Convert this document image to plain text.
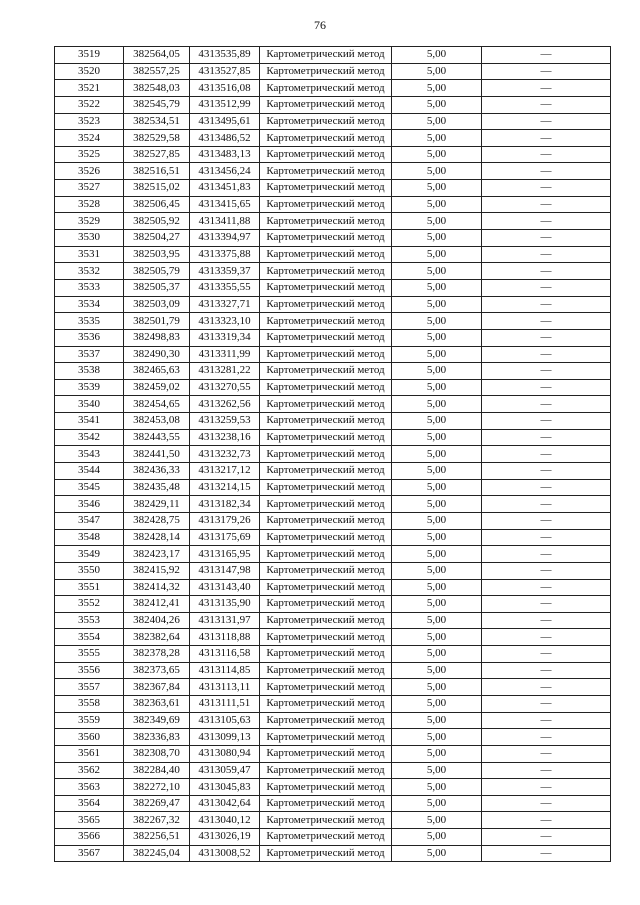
76
3519	382564,05	4313535,89	Картометрический метод	5,00	—
3520	382557,25	4313527,85	Картометрический метод	5,00	—
3521	382548,03	4313516,08	Картометрический метод	5,00	—
3522	382545,79	4313512,99	Картометрический метод	5,00	—
3523	382534,51	4313495,61	Картометрический метод	5,00	—
3524	382529,58	4313486,52	Картометрический метод	5,00	—
3525	382527,85	4313483,13	Картометрический метод	5,00	—
3526	382516,51	4313456,24	Картометрический метод	5,00	—
3527	382515,02	4313451,83	Картометрический метод	5,00	—
3528	382506,45	4313415,65	Картометрический метод	5,00	—
3529	382505,92	4313411,88	Картометрический метод	5,00	—
3530	382504,27	4313394,97	Картометрический метод	5,00	—
3531	382503,95	4313375,88	Картометрический метод	5,00	—
3532	382505,79	4313359,37	Картометрический метод	5,00	—
3533	382505,37	4313355,55	Картометрический метод	5,00	—
3534	382503,09	4313327,71	Картометрический метод	5,00	—
3535	382501,79	4313323,10	Картометрический метод	5,00	—
3536	382498,83	4313319,34	Картометрический метод	5,00	—
3537	382490,30	4313311,99	Картометрический метод	5,00	—
3538	382465,63	4313281,22	Картометрический метод	5,00	—
3539	382459,02	4313270,55	Картометрический метод	5,00	—
3540	382454,65	4313262,56	Картометрический метод	5,00	—
3541	382453,08	4313259,53	Картометрический метод	5,00	—
3542	382443,55	4313238,16	Картометрический метод	5,00	—
3543	382441,50	4313232,73	Картометрический метод	5,00	—
3544	382436,33	4313217,12	Картометрический метод	5,00	—
3545	382435,48	4313214,15	Картометрический метод	5,00	—
3546	382429,11	4313182,34	Картометрический метод	5,00	—
3547	382428,75	4313179,26	Картометрический метод	5,00	—
3548	382428,14	4313175,69	Картометрический метод	5,00	—
3549	382423,17	4313165,95	Картометрический метод	5,00	—
3550	382415,92	4313147,98	Картометрический метод	5,00	—
3551	382414,32	4313143,40	Картометрический метод	5,00	—
3552	382412,41	4313135,90	Картометрический метод	5,00	—
3553	382404,26	4313131,97	Картометрический метод	5,00	—
3554	382382,64	4313118,88	Картометрический метод	5,00	—
3555	382378,28	4313116,58	Картометрический метод	5,00	—
3556	382373,65	4313114,85	Картометрический метод	5,00	—
3557	382367,84	4313113,11	Картометрический метод	5,00	—
3558	382363,61	4313111,51	Картометрический метод	5,00	—
3559	382349,69	4313105,63	Картометрический метод	5,00	—
3560	382336,83	4313099,13	Картометрический метод	5,00	—
3561	382308,70	4313080,94	Картометрический метод	5,00	—
3562	382284,40	4313059,47	Картометрический метод	5,00	—
3563	382272,10	4313045,83	Картометрический метод	5,00	—
3564	382269,47	4313042,64	Картометрический метод	5,00	—
3565	382267,32	4313040,12	Картометрический метод	5,00	—
3566	382256,51	4313026,19	Картометрический метод	5,00	—
3567	382245,04	4313008,52	Картометрический метод	5,00	—
